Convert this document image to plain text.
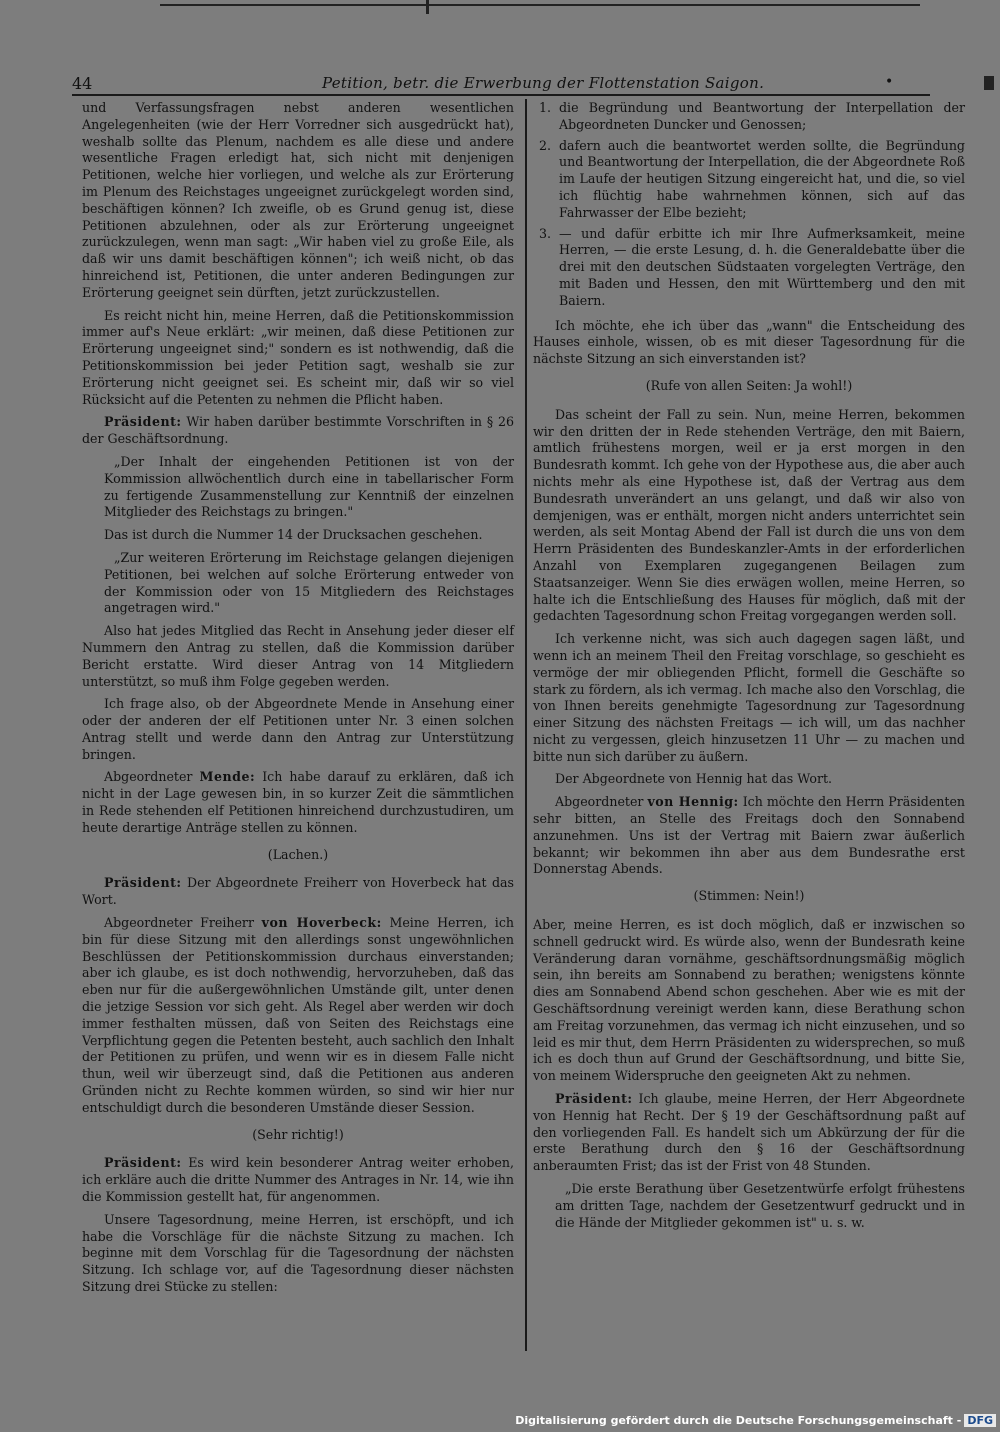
44	Petition, betr. die Erwerbung der Flottenstation Saigon.	•

und Verfassungsfragen nebst anderen wesentlichen Angelegenheiten (wie der Herr Vorredner sich ausgedrückt hat), weshalb sollte das Plenum, nachdem es alle diese und andere wesentliche Fragen erledigt hat, sich nicht mit denjenigen Petitionen, welche hier vorliegen, und welche als zur Erörterung im Plenum des Reichstages ungeeignet zurückgelegt worden sind, beschäftigen können? Ich zweifle, ob es Grund genug ist, diese Petitionen abzulehnen, oder als zur Erörterung ungeeignet zurückzulegen, wenn man sagt: „Wir haben viel zu große Eile, als daß wir uns damit beschäftigen können"; ich weiß nicht, ob das hinreichend ist, Petitionen, die unter anderen Bedingungen zur Erörterung geeignet sein dürften, jetzt zurückzustellen.

Es reicht nicht hin, meine Herren, daß die Petitionskommission immer auf's Neue erklärt: „wir meinen, daß diese Petitionen zur Erörterung ungeeignet sind;" sondern es ist nothwendig, daß die Petitionskommission bei jeder Petition sagt, weshalb sie zur Erörterung nicht geeignet sei. Es scheint mir, daß wir so viel Rücksicht auf die Petenten zu nehmen die Pflicht haben.

Präsident: Wir haben darüber bestimmte Vorschriften in § 26 der Geschäftsordnung.

„Der Inhalt der eingehenden Petitionen ist von der Kommission allwöchentlich durch eine in tabellarischer Form zu fertigende Zusammenstellung zur Kenntniß der einzelnen Mitglieder des Reichstags zu bringen."

Das ist durch die Nummer 14 der Drucksachen geschehen.

„Zur weiteren Erörterung im Reichstage gelangen diejenigen Petitionen, bei welchen auf solche Erörterung entweder von der Kommission oder von 15 Mitgliedern des Reichstages angetragen wird."

Also hat jedes Mitglied das Recht in Ansehung jeder dieser elf Nummern den Antrag zu stellen, daß die Kommission darüber Bericht erstatte. Wird dieser Antrag von 14 Mitgliedern unterstützt, so muß ihm Folge gegeben werden.

Ich frage also, ob der Abgeordnete Mende in Ansehung einer oder der anderen der elf Petitionen unter Nr. 3 einen solchen Antrag stellt und werde dann den Antrag zur Unterstützung bringen.

Abgeordneter Mende: Ich habe darauf zu erklären, daß ich nicht in der Lage gewesen bin, in so kurzer Zeit die sämmtlichen in Rede stehenden elf Petitionen hinreichend durchzustudiren, um heute derartige Anträge stellen zu können.

(Lachen.)

Präsident: Der Abgeordnete Freiherr von Hoverbeck hat das Wort.

Abgeordneter Freiherr von Hoverbeck: Meine Herren, ich bin für diese Sitzung mit den allerdings sonst ungewöhnlichen Beschlüssen der Petitionskommission durchaus einverstanden; aber ich glaube, es ist doch nothwendig, hervorzuheben, daß das eben nur für die außergewöhnlichen Umstände gilt, unter denen die jetzige Session vor sich geht. Als Regel aber werden wir doch immer festhalten müssen, daß von Seiten des Reichstags eine Verpflichtung gegen die Petenten besteht, auch sachlich den Inhalt der Petitionen zu prüfen, und wenn wir es in diesem Falle nicht thun, weil wir überzeugt sind, daß die Petitionen aus anderen Gründen nicht zu Rechte kommen würden, so sind wir hier nur entschuldigt durch die besonderen Umstände dieser Session.

(Sehr richtig!)

Präsident: Es wird kein besonderer Antrag weiter erhoben, ich erkläre auch die dritte Nummer des Antrages in Nr. 14, wie ihn die Kommission gestellt hat, für angenommen.

Unsere Tagesordnung, meine Herren, ist erschöpft, und ich habe die Vorschläge für die nächste Sitzung zu machen. Ich beginne mit dem Vorschlag für die Tagesordnung der nächsten Sitzung. Ich schlage vor, auf die Tagesordnung dieser nächsten Sitzung drei Stücke zu stellen:

1. die Begründung und Beantwortung der Interpellation der Abgeordneten Duncker und Genossen;
2. dafern auch die beantwortet werden sollte, die Begründung und Beantwortung der Interpellation, die der Abgeordnete Roß im Laufe der heutigen Sitzung eingereicht hat, und die, so viel ich flüchtig habe wahrnehmen können, sich auf das Fahrwasser der Elbe bezieht;
3. — und dafür erbitte ich mir Ihre Aufmerksamkeit, meine Herren, — die erste Lesung, d. h. die Generaldebatte über die drei mit den deutschen Südstaaten vorgelegten Verträge, den mit Baden und Hessen, den mit Württemberg und den mit Baiern.

Ich möchte, ehe ich über das „wann" die Entscheidung des Hauses einhole, wissen, ob es mit dieser Tagesordnung für die nächste Sitzung an sich einverstanden ist?

(Rufe von allen Seiten: Ja wohl!)

Das scheint der Fall zu sein. Nun, meine Herren, bekommen wir den dritten der in Rede stehenden Verträge, den mit Baiern, amtlich frühestens morgen, weil er ja erst morgen in den Bundesrath kommt. Ich gehe von der Hypothese aus, die aber auch nichts mehr als eine Hypothese ist, daß der Vertrag aus dem Bundesrath unverändert an uns gelangt, und daß wir also von demjenigen, was er enthält, morgen nicht anders unterrichtet sein werden, als seit Montag Abend der Fall ist durch die uns von dem Herrn Präsidenten des Bundeskanzler-Amts in der erforderlichen Anzahl von Exemplaren zugegangenen Beilagen zum Staatsanzeiger. Wenn Sie dies erwägen wollen, meine Herren, so halte ich die Entschließung des Hauses für möglich, daß mit der gedachten Tagesordnung schon Freitag vorgegangen werden soll.

Ich verkenne nicht, was sich auch dagegen sagen läßt, und wenn ich an meinem Theil den Freitag vorschlage, so geschieht es vermöge der mir obliegenden Pflicht, formell die Geschäfte so stark zu fördern, als ich vermag. Ich mache also den Vorschlag, die von Ihnen bereits genehmigte Tagesordnung zur Tagesordnung einer Sitzung des nächsten Freitags — ich will, um das nachher nicht zu vergessen, gleich hinzusetzen 11 Uhr — zu machen und bitte nun sich darüber zu äußern.

Der Abgeordnete von Hennig hat das Wort.

Abgeordneter von Hennig: Ich möchte den Herrn Präsidenten sehr bitten, an Stelle des Freitags doch den Sonnabend anzunehmen. Uns ist der Vertrag mit Baiern zwar äußerlich bekannt; wir bekommen ihn aber aus dem Bundesrathe erst Donnerstag Abends.

(Stimmen: Nein!)

Aber, meine Herren, es ist doch möglich, daß er inzwischen so schnell gedruckt wird. Es würde also, wenn der Bundesrath keine Veränderung daran vornähme, geschäftsordnungsmäßig möglich sein, ihn bereits am Sonnabend zu berathen; wenigstens könnte dies am Sonnabend Abend schon geschehen. Aber wie es mit der Geschäftsordnung vereinigt werden kann, diese Berathung schon am Freitag vorzunehmen, das vermag ich nicht einzusehen, und so leid es mir thut, dem Herrn Präsidenten zu widersprechen, so muß ich es doch thun auf Grund der Geschäftsordnung, und bitte Sie, von meinem Widerspruche den geeigneten Akt zu nehmen.

Präsident: Ich glaube, meine Herren, der Herr Abgeordnete von Hennig hat Recht. Der § 19 der Geschäftsordnung paßt auf den vorliegenden Fall. Es handelt sich um Abkürzung der für die erste Berathung durch den § 16 der Geschäftsordnung anberaumten Frist; das ist der Frist von 48 Stunden.

„Die erste Berathung über Gesetzentwürfe erfolgt frühestens am dritten Tage, nachdem der Gesetzentwurf gedruckt und in die Hände der Mitglieder gekommen ist" u. s. w.

Digitalisierung gefördert durch die Deutsche Forschungsgemeinschaft - DFG
